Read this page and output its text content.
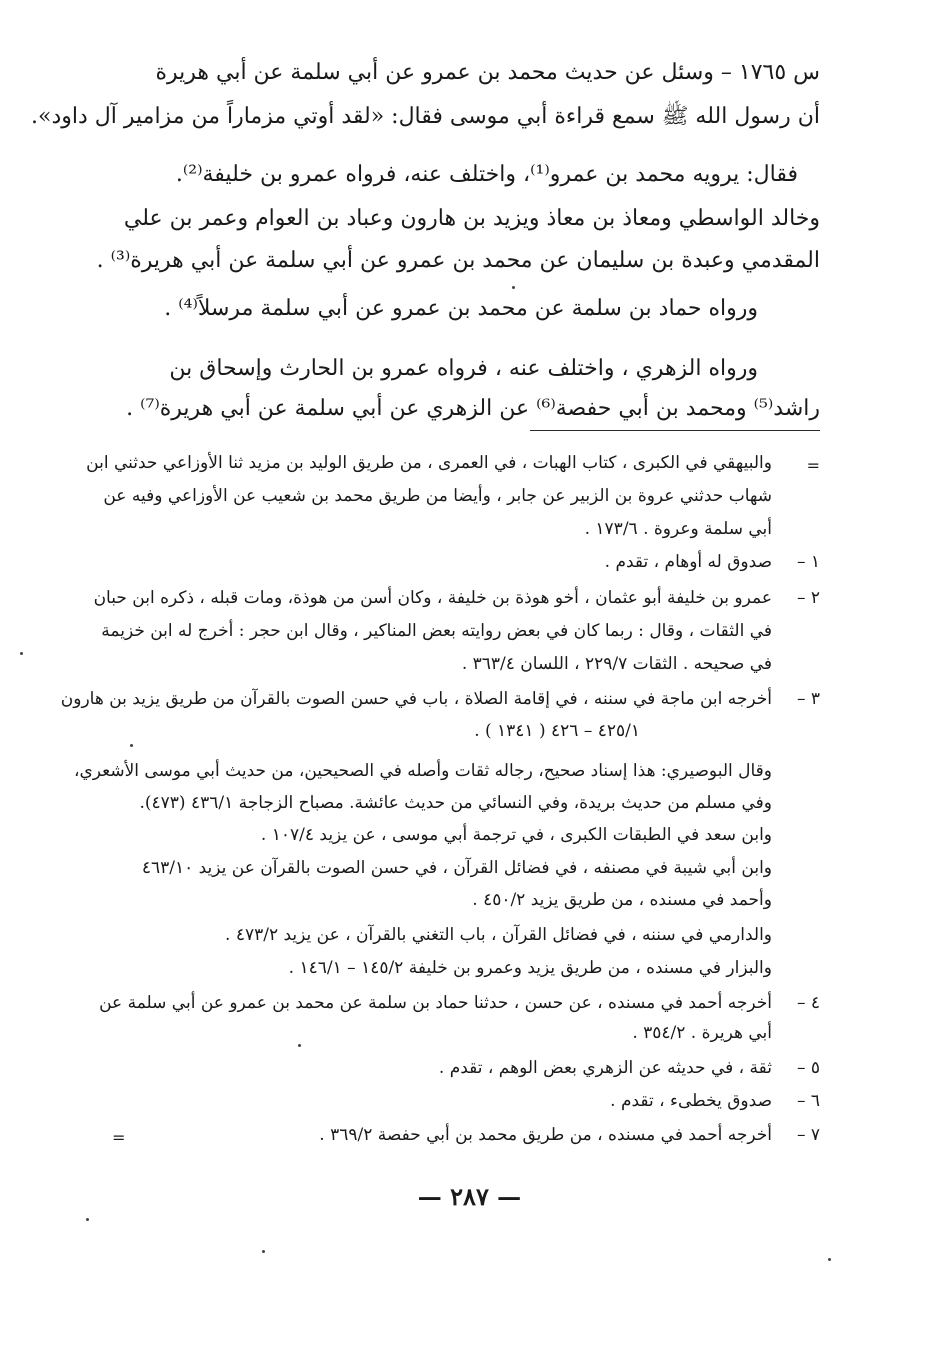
س ١٧٦٥ – وسئل عن حديث محمد بن عمرو عن أبي سلمة عن أبي هريرة
أن رسول الله ﷺ سمع قراءة أبي موسى فقال: «لقد أوتي مزماراً من مزامير آل داود».
فقال: يرويه محمد بن عمرو⁽¹⁾، واختلف عنه، فرواه عمرو بن خليفة⁽²⁾.
وخالد الواسطي ومعاذ بن معاذ ويزيد بن هارون وعباد بن العوام وعمر بن علي
المقدمي وعبدة بن سليمان عن محمد بن عمرو عن أبي سلمة عن أبي هريرة⁽³⁾ .
ورواه حماد بن سلمة عن محمد بن عمرو عن أبي سلمة مرسلاً⁽⁴⁾ .
ورواه الزهري ، واختلف عنه ، فرواه عمرو بن الحارث وإسحاق بن
راشد⁽⁵⁾ ومحمد بن أبي حفصة⁽⁶⁾ عن الزهري عن أبي سلمة عن أبي هريرة⁽⁷⁾ .
=
والبيهقي في الكبرى ، كتاب الهبات ، في العمرى ، من طريق الوليد بن مزيد ثنا الأوزاعي حدثني ابن
شهاب حدثني عروة بن الزبير عن جابر ، وأيضا من طريق محمد بن شعيب عن الأوزاعي وفيه عن
أبي سلمة وعروة . ١٧٣/٦ .
١ –
صدوق له أوهام ، تقدم .
٢ –
عمرو بن خليفة أبو عثمان ، أخو هوذة بن خليفة ، وكان أسن من هوذة، ومات قبله ، ذكره ابن حبان
في الثقات ، وقال : ربما كان في بعض روايته بعض المناكير ، وقال ابن حجر : أخرج له ابن خزيمة
في صحيحه . الثقات ٢٢٩/٧ ، اللسان ٣٦٣/٤ .
٣ –
أخرجه ابن ماجة في سننه ، في إقامة الصلاة ، باب في حسن الصوت بالقرآن من طريق يزيد بن هارون
٤٢٥/١ – ٤٢٦ ( ١٣٤١ ) .
وقال البوصيري: هذا إسناد صحيح، رجاله ثقات وأصله في الصحيحين، من حديث أبي موسى الأشعري،
وفي مسلم من حديث بريدة، وفي النسائي من حديث عائشة. مصباح الزجاجة ٤٣٦/١ (٤٧٣).
وابن سعد في الطبقات الكبرى ، في ترجمة أبي موسى ، عن يزيد ١٠٧/٤ .
وابن أبي شيبة في مصنفه ، في فضائل القرآن ، في حسن الصوت بالقرآن عن يزيد ٤٦٣/١٠
وأحمد في مسنده ، من طريق يزيد ٤٥٠/٢ .
والدارمي في سننه ، في فضائل القرآن ، باب التغني بالقرآن ، عن يزيد ٤٧٣/٢ .
والبزار في مسنده ، من طريق يزيد وعمرو بن خليفة ١٤٥/٢ – ١٤٦/١ .
٤ –
أخرجه أحمد في مسنده ، عن حسن ، حدثنا حماد بن سلمة عن محمد بن عمرو عن أبي سلمة عن
أبي هريرة . ٣٥٤/٢ .
٥ –
ثقة ، في حديثه عن الزهري بعض الوهم ، تقدم .
٦ –
صدوق يخطىء ، تقدم .
٧ –
أخرجه أحمد في مسنده ، من طريق محمد بن أبي حفصة ٣٦٩/٢ .
=
— ٢٨٧ —
